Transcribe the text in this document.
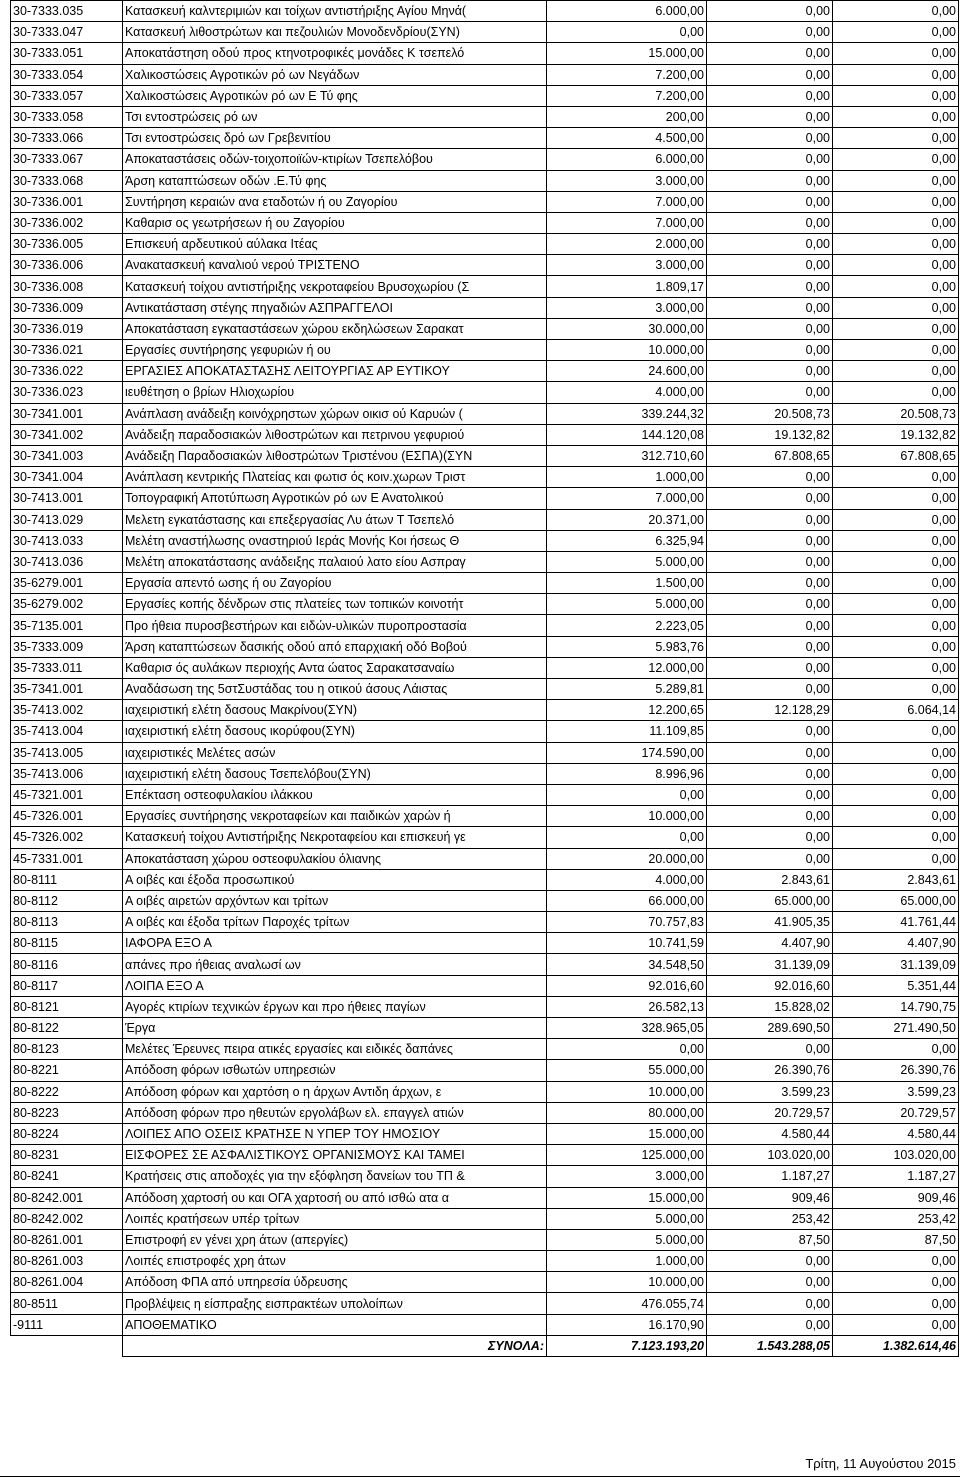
30-7333.035	Κατασκευή καλντεριμιών και τοίχων αντιστήριξης Αγίου Μηνά(	6.000,00	0,00	0,00
30-7333.047	Κατασκευή λιθοστρώτων και πεζουλιών Μονοδενδρίου(ΣΥΝ)	0,00	0,00	0,00
30-7333.051	Αποκατάστηση οδού προς κτηνοτροφικές μονάδες Κ τσεπελό	15.000,00	0,00	0,00
30-7333.054	Χαλικοστώσεις Αγροτικών ρό ων Νεγάδων	7.200,00	0,00	0,00
30-7333.057	Χαλικοστώσεις Αγροτικών ρό ων Ε Τύ φης	7.200,00	0,00	0,00
30-7333.058	Τσι εντοστρώσεις ρό ων	200,00	0,00	0,00
30-7333.066	Τσι εντοστρώσεις δρό ων Γρεβενιτίου	4.500,00	0,00	0,00
30-7333.067	Αποκαταστάσεις οδών-τοιχοποιϊών-κτιρίων Τσεπελόβου	6.000,00	0,00	0,00
30-7333.068	Άρση καταπτώσεων οδών .Ε.Τύ φης	3.000,00	0,00	0,00
30-7336.001	Συντήρηση κεραιών ανα εταδοτών ή ου Ζαγορίου	7.000,00	0,00	0,00
30-7336.002	Καθαρισ ος γεωτρήσεων ή ου Ζαγορίου	7.000,00	0,00	0,00
30-7336.005	Επισκευή αρδευτικού αύλακα Ιτέας	2.000,00	0,00	0,00
30-7336.006	Ανακατασκευή καναλιού νερού ΤΡΙΣΤΕΝΟ	3.000,00	0,00	0,00
30-7336.008	Κατασκευή τοίχου αντιστήριξης νεκροταφείου Βρυσοχωρίου (Σ	1.809,17	0,00	0,00
30-7336.009	Αντικατάσταση στέγης πηγαδιών ΑΣΠΡΑΓΓΕΛΟΙ	3.000,00	0,00	0,00
30-7336.019	Αποκατάσταση εγκαταστάσεων χώρου εκδηλώσεων Σαρακατ	30.000,00	0,00	0,00
30-7336.021	Εργασίες συντήρησης γεφυριών ή ου	10.000,00	0,00	0,00
30-7336.022	ΕΡΓΑΣΙΕΣ ΑΠΟΚΑΤΑΣΤΑΣΗΣ ΛΕΙΤΟΥΡΓΙΑΣ ΑΡ ΕΥΤΙΚΟΥ	24.600,00	0,00	0,00
30-7336.023	ιευθέτηση ο βρίων Ηλιοχωρίου	4.000,00	0,00	0,00
30-7341.001	Ανάπλαση ανάδειξη κοινόχρηστων χώρων οικισ ού Καρυών (	339.244,32	20.508,73	20.508,73
30-7341.002	Ανάδειξη παραδοσιακών λιθοστρώτων και πετρινου γεφυριού	144.120,08	19.132,82	19.132,82
30-7341.003	Ανάδειξη Παραδοσιακών λιθοστρώτων Τριστένου (ΕΣΠΑ)(ΣΥΝ	312.710,60	67.808,65	67.808,65
30-7341.004	Ανάπλαση κεντρικής Πλατείας και φωτισ ός κοιν.χωρων Τριστ	1.000,00	0,00	0,00
30-7413.001	Τοπογραφική Αποτύπωση Αγροτικών ρό ων Ε Ανατολικού	7.000,00	0,00	0,00
30-7413.029	Μελετη εγκατάστασης και επεξεργασίας Λυ άτων Τ Τσεπελό	20.371,00	0,00	0,00
30-7413.033	Μελέτη αναστήλωσης οναστηριού Ιεράς Μονής Κοι ήσεως Θ	6.325,94	0,00	0,00
30-7413.036	Μελέτη αποκατάστασης ανάδειξης παλαιού λατο είου Ασπραγ	5.000,00	0,00	0,00
35-6279.001	Εργασία απεντό ωσης ή ου Ζαγορίου	1.500,00	0,00	0,00
35-6279.002	Εργασίες κοπής δένδρων στις πλατείες των τοπικών κοινοτήτ	5.000,00	0,00	0,00
35-7135.001	Προ ήθεια πυροσβεστήρων και ειδών-υλικών πυροπροστασία	2.223,05	0,00	0,00
35-7333.009	Άρση καταπτώσεων δασικής οδού από επαρχιακή οδό Βοβού	5.983,76	0,00	0,00
35-7333.011	Καθαρισ ός αυλάκων περιοχής Αντα ώατος Σαρακατσαναίω	12.000,00	0,00	0,00
35-7341.001	Αναδάσωση της 5στΣυστάδας του η οτικού άσους Λάιστας	5.289,81	0,00	0,00
35-7413.002	ιαχειριστική ελέτη δασους Μακρίνου(ΣΥΝ)	12.200,65	12.128,29	6.064,14
35-7413.004	ιαχειριστική ελέτη δασους ικορύφου(ΣΥΝ)	11.109,85	0,00	0,00
35-7413.005	ιαχειριστικές Μελέτες ασών	174.590,00	0,00	0,00
35-7413.006	ιαχειριστική ελέτη δασους Τσεπελόβου(ΣΥΝ)	8.996,96	0,00	0,00
45-7321.001	Επέκταση οστεοφυλακίου ιλάκκου	0,00	0,00	0,00
45-7326.001	Εργασίες συντήρησης νεκροταφείων και παιδικών χαρών ή	10.000,00	0,00	0,00
45-7326.002	Κατασκευή τοίχου Αντιστήριξης Νεκροταφείου και επισκευή γε	0,00	0,00	0,00
45-7331.001	Αποκατάσταση χώρου οστεοφυλακίου όλιανης	20.000,00	0,00	0,00
80-8111	Α οιβές και έξοδα προσωπικού	4.000,00	2.843,61	2.843,61
80-8112	Α οιβές αιρετών αρχόντων και τρίτων	66.000,00	65.000,00	65.000,00
80-8113	Α οιβές και έξοδα τρίτων Παροχές τρίτων	70.757,83	41.905,35	41.761,44
80-8115	ΙΑΦΟΡΑ ΕΞΟ Α	10.741,59	4.407,90	4.407,90
80-8116	απάνες προ ήθειας αναλωσί ων	34.548,50	31.139,09	31.139,09
80-8117	ΛΟΙΠΑ ΕΞΟ Α	92.016,60	92.016,60	5.351,44
80-8121	Αγορές κτιρίων τεχνικών έργων και προ ήθειες παγίων	26.582,13	15.828,02	14.790,75
80-8122	Έργα	328.965,05	289.690,50	271.490,50
80-8123	Μελέτες Έρευνες πειρα ατικές εργασίες και ειδικές δαπάνες	0,00	0,00	0,00
80-8221	Απόδοση φόρων ισθωτών υπηρεσιών	55.000,00	26.390,76	26.390,76
80-8222	Απόδοση φόρων και χαρτόση ο η άρχων Αντιδη άρχων, ε	10.000,00	3.599,23	3.599,23
80-8223	Απόδοση φόρων προ ηθευτών εργολάβων ελ. επαγγελ ατιών	80.000,00	20.729,57	20.729,57
80-8224	ΛΟΙΠΕΣ ΑΠΟ ΟΣΕΙΣ ΚΡΑΤΗΣΕ Ν ΥΠΕΡ ΤΟΥ ΗΜΟΣΙΟΥ	15.000,00	4.580,44	4.580,44
80-8231	ΕΙΣΦΟΡΕΣ ΣΕ ΑΣΦΑΛΙΣΤΙΚΟΥΣ ΟΡΓΑΝΙΣΜΟΥΣ ΚΑΙ ΤΑΜΕΙ	125.000,00	103.020,00	103.020,00
80-8241	Κρατήσεις στις αποδοχές για την εξόφληση δανείων του ΤΠ &	3.000,00	1.187,27	1.187,27
80-8242.001	Απόδοση χαρτοσή ου και ΟΓΑ χαρτοσή ου από ισθώ ατα α	15.000,00	909,46	909,46
80-8242.002	Λοιπές κρατήσεων υπέρ τρίτων	5.000,00	253,42	253,42
80-8261.001	Επιστροφή εν γένει χρη άτων (απεργίες)	5.000,00	87,50	87,50
80-8261.003	Λοιπές επιστροφές χρη άτων	1.000,00	0,00	0,00
80-8261.004	Απόδοση ΦΠΑ από υπηρεσία ύδρευσης	10.000,00	0,00	0,00
80-8511	Προβλέψεις η είσπραξης εισπρακτέων υπολοίπων	476.055,74	0,00	0,00
-9111	ΑΠΟΘΕΜΑΤΙΚΟ	16.170,90	0,00	0,00
	ΣΥΝΟΛΑ:	7.123.193,20	1.543.288,05	1.382.614,46
Τρίτη, 11 Αυγούστου 2015
